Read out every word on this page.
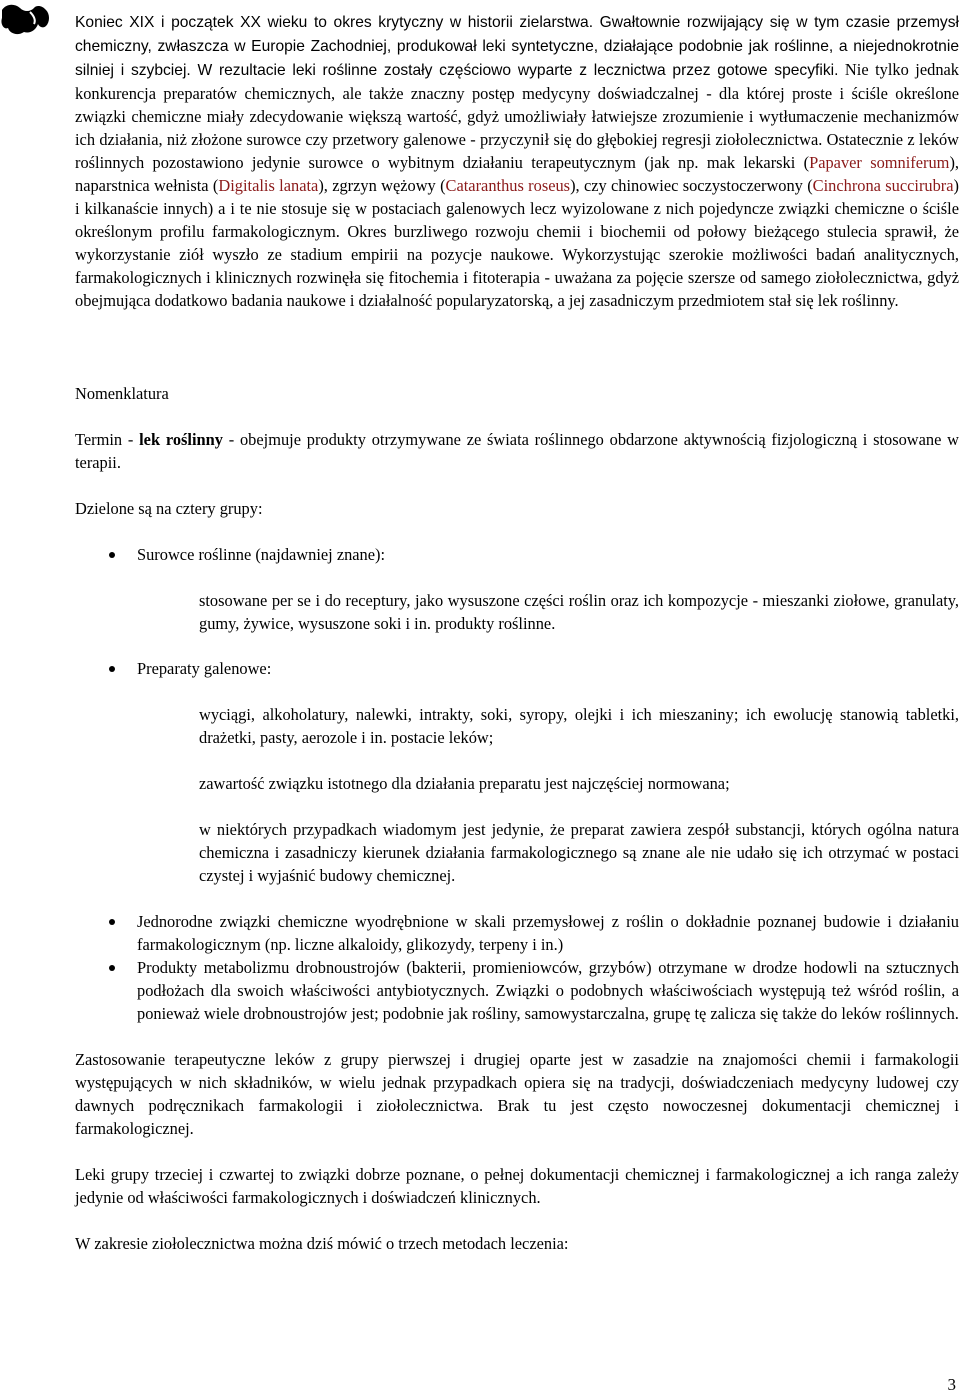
Koniec XIX i początek XX wieku to okres krytyczny w historii zielarstwa. Gwałtownie rozwijający się w tym czasie przemysł chemiczny, zwłaszcza w Europie Zachodniej, produkował leki syntetyczne, działające podobnie jak roślinne, a niejednokrotnie silniej i szybciej. W rezultacie leki roślinne zostały częściowo wyparte z lecznictwa przez gotowe specyfiki. Nie tylko jednak konkurencja preparatów chemicznych, ale także znaczny postęp medycyny doświadczalnej - dla której proste i ściśle określone związki chemiczne miały zdecydowanie większą wartość, gdyż umożliwiały łatwiejsze zrozumienie i wytłumaczenie mechanizmów ich działania, niż złożone surowce czy przetwory galenowe - przyczynił się do głębokiej regresji ziołolecznictwa. Ostatecznie z leków roślinnych pozostawiono jedynie surowce o wybitnym działaniu terapeutycznym (jak np. mak lekarski (Papaver somniferum), naparstnica wełnista (Digitalis lanata), zgrzyn wężowy (Cataranthus roseus), czy chinowiec soczystoczerwony (Cinchrona succirubra) i kilkanaście innych) a i te nie stosuje się w postaciach galenowych lecz wyizolowane z nich pojedyncze związki chemiczne o ściśle określonym profilu farmakologicznym. Okres burzliwego rozwoju chemii i biochemii od połowy bieżącego stulecia sprawił, że wykorzystanie ziół wyszło ze stadium empirii na pozycje naukowe. Wykorzystując szerokie możliwości badań analitycznych, farmakologicznych i klinicznych rozwinęła się fitochemia i fitoterapia - uważana za pojęcie szersze od samego ziołolecznictwa, gdyż obejmująca dodatkowo badania naukowe i działalność popularyzatorską, a jej zasadniczym przedmiotem stał się lek roślinny.

Nomenklatura

Termin - lek roślinny - obejmuje produkty otrzymywane ze świata roślinnego obdarzone aktywnością fizjologiczną i stosowane w terapii.

Dzielone są na cztery grupy:

Surowce roślinne (najdawniej znane):

stosowane per se i do receptury, jako wysuszone części roślin oraz ich kompozycje - mieszanki ziołowe, granulaty, gumy, żywice, wysuszone soki i in. produkty roślinne.

Preparaty galenowe:

wyciągi, alkoholatury, nalewki, intrakty, soki, syropy, olejki i ich mieszaniny; ich ewolucję stanowią tabletki, drażetki, pasty, aerozole i in. postacie leków;

zawartość związku istotnego dla działania preparatu jest najczęściej normowana;

w niektórych przypadkach wiadomym jest jedynie, że preparat zawiera zespół substancji, których ogólna natura chemiczna i zasadniczy kierunek działania farmakologicznego są znane ale nie udało się ich otrzymać w postaci czystej i wyjaśnić budowy chemicznej.

Jednorodne związki chemiczne wyodrębnione w skali przemysłowej z roślin o dokładnie poznanej budowie i działaniu farmakologicznym (np. liczne alkaloidy, glikozydy, terpeny i in.)
Produkty metabolizmu drobnoustrojów (bakterii, promieniowców, grzybów) otrzymane w drodze hodowli na sztucznych podłożach dla swoich właściwości antybiotycznych. Związki o podobnych właściwościach występują też wśród roślin, a ponieważ wiele drobnoustrojów jest; podobnie jak rośliny, samowystarczalna, grupę tę zalicza się także do leków roślinnych.

Zastosowanie terapeutyczne leków z grupy pierwszej i drugiej oparte jest w zasadzie na znajomości chemii i farmakologii występujących w nich składników, w wielu jednak przypadkach opiera się na tradycji, doświadczeniach medycyny ludowej czy dawnych podręcznikach farmakologii i ziołolecznictwa. Brak tu jest często nowoczesnej dokumentacji chemicznej i farmakologicznej.

Leki grupy trzeciej i czwartej to związki dobrze poznane, o pełnej dokumentacji chemicznej i farmakologicznej a ich ranga zależy jedynie od właściwości farmakologicznych i doświadczeń klinicznych.

W zakresie ziołolecznictwa można dziś mówić o trzech metodach leczenia:

3
